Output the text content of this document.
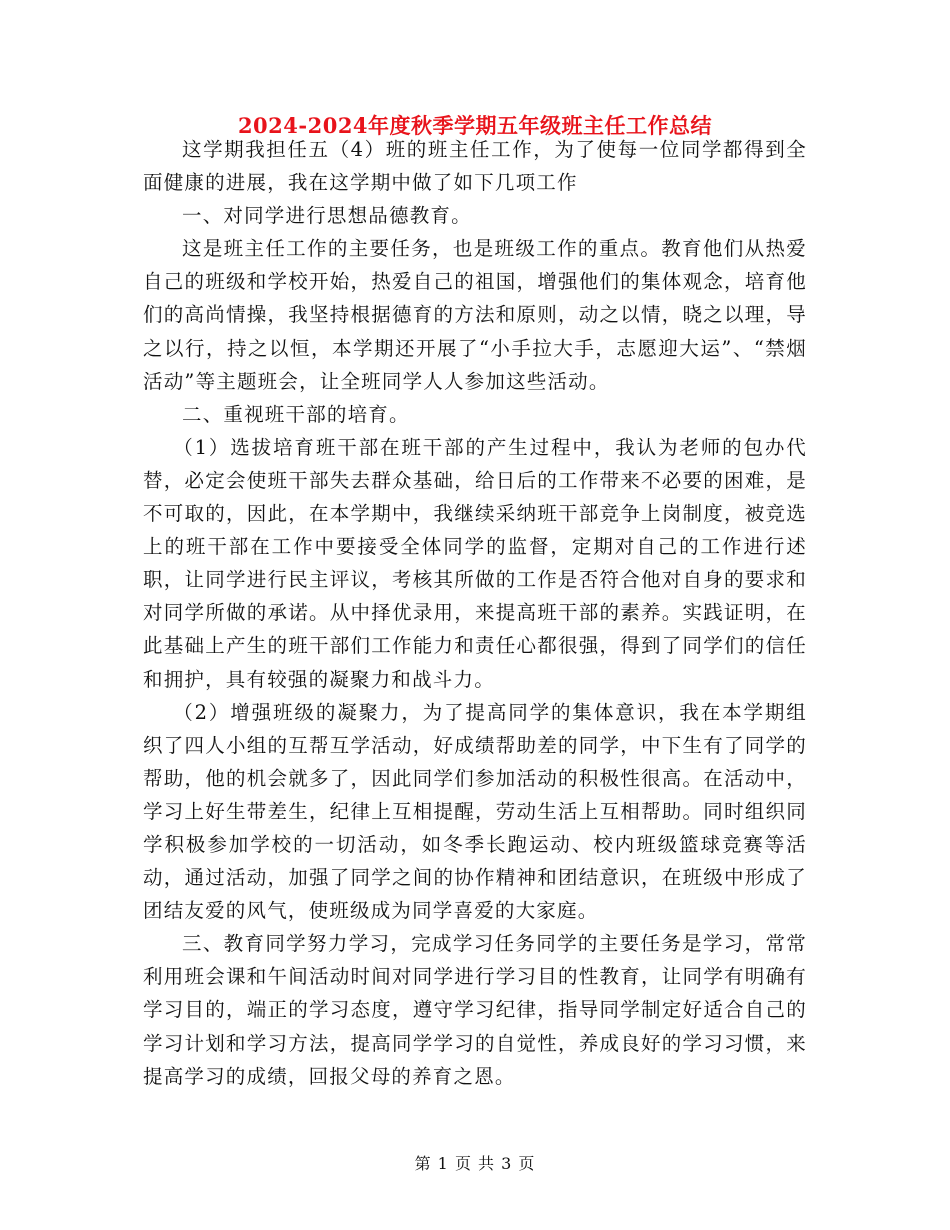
2024-2024年度秋季学期五年级班主任工作总结

这学期我担任五（4）班的班主任工作，为了使每一位同学都得到全面健康的进展，我在这学期中做了如下几项工作

一、对同学进行思想品德教育。

这是班主任工作的主要任务，也是班级工作的重点。教育他们从热爱自己的班级和学校开始，热爱自己的祖国，增强他们的集体观念，培育他们的高尚情操，我坚持根据德育的方法和原则，动之以情，晓之以理，导之以行，持之以恒，本学期还开展了“小手拉大手，志愿迎大运”、“禁烟活动”等主题班会，让全班同学人人参加这些活动。

二、重视班干部的培育。

（1）选拔培育班干部在班干部的产生过程中，我认为老师的包办代替，必定会使班干部失去群众基础，给日后的工作带来不必要的困难，是不可取的，因此，在本学期中，我继续采纳班干部竞争上岗制度，被竞选上的班干部在工作中要接受全体同学的监督，定期对自己的工作进行述职，让同学进行民主评议，考核其所做的工作是否符合他对自身的要求和对同学所做的承诺。从中择优录用，来提高班干部的素养。实践证明，在此基础上产生的班干部们工作能力和责任心都很强，得到了同学们的信任和拥护，具有较强的凝聚力和战斗力。

（2）增强班级的凝聚力，为了提高同学的集体意识，我在本学期组织了四人小组的互帮互学活动，好成绩帮助差的同学，中下生有了同学的帮助，他的机会就多了，因此同学们参加活动的积极性很高。在活动中，学习上好生带差生，纪律上互相提醒，劳动生活上互相帮助。同时组织同学积极参加学校的一切活动，如冬季长跑运动、校内班级篮球竞赛等活动，通过活动，加强了同学之间的协作精神和团结意识，在班级中形成了团结友爱的风气，使班级成为同学喜爱的大家庭。

三、教育同学努力学习，完成学习任务同学的主要任务是学习，常常利用班会课和午间活动时间对同学进行学习目的性教育，让同学有明确有学习目的，端正的学习态度，遵守学习纪律，指导同学制定好适合自己的学习计划和学习方法，提高同学学习的自觉性，养成良好的学习习惯，来提高学习的成绩，回报父母的养育之恩。

第 1 页 共 3 页
